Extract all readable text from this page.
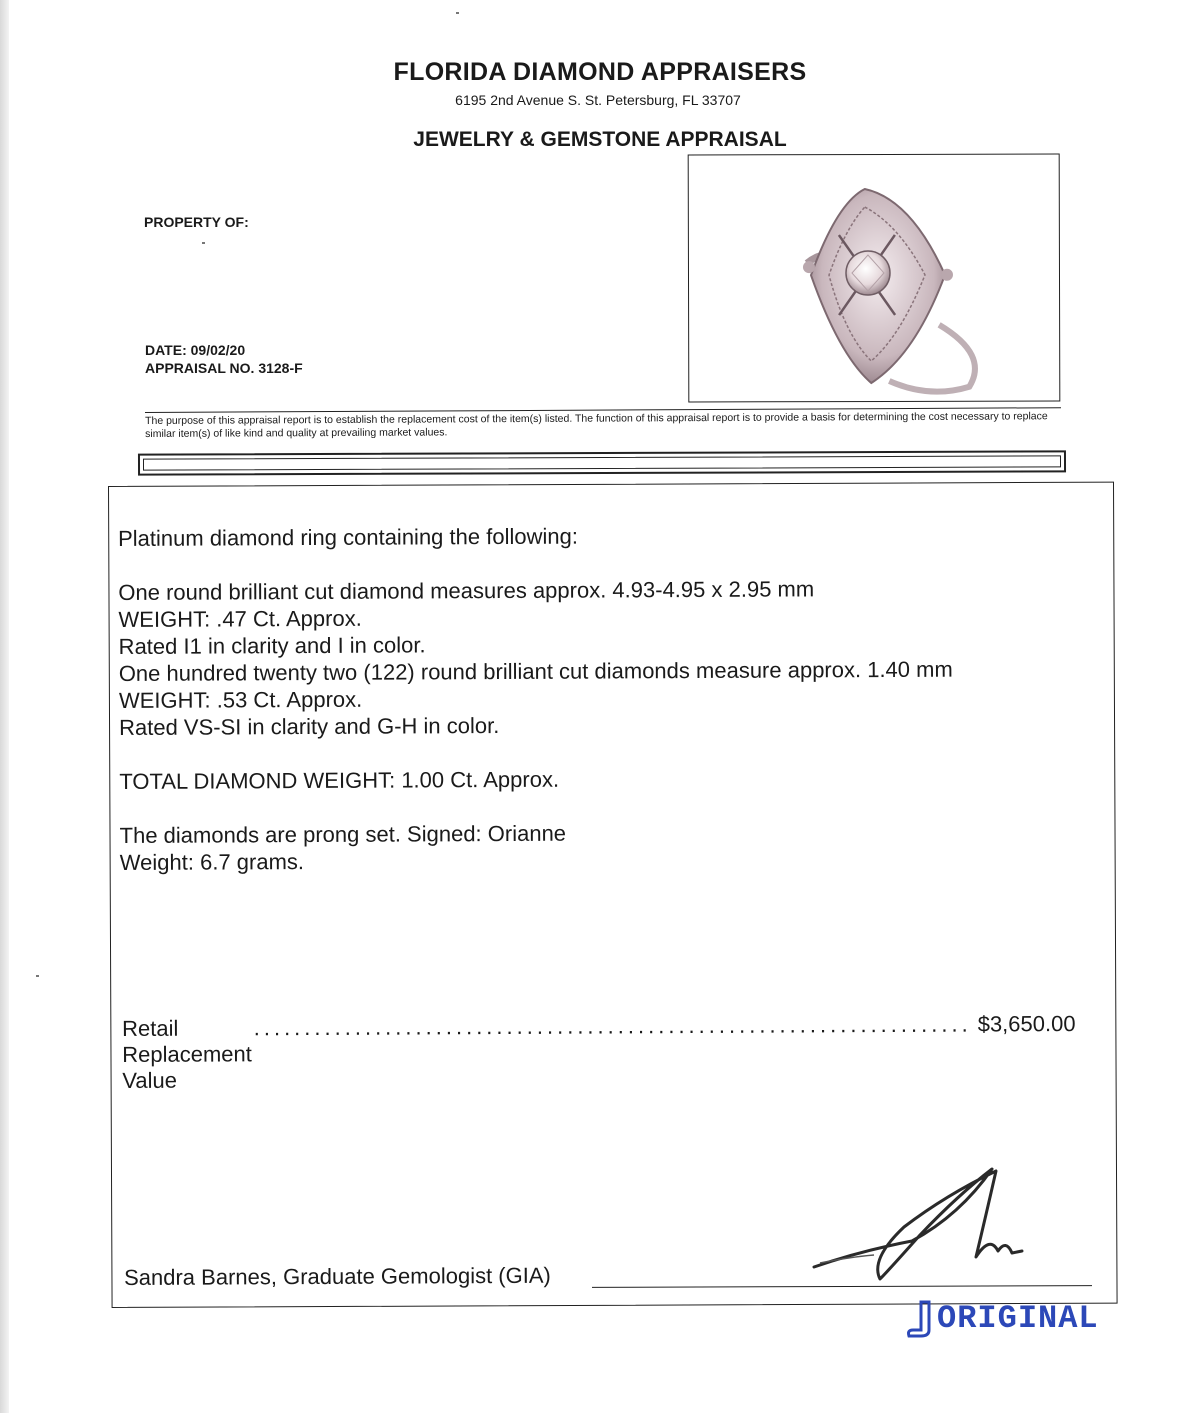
FLORIDA DIAMOND APPRAISERS
6195 2nd Avenue S. St. Petersburg, FL 33707
JEWELRY & GEMSTONE APPRAISAL
PROPERTY OF:
DATE: 09/02/20
APPRAISAL NO. 3128-F
The purpose of this appraisal report is to establish the replacement cost of the item(s) listed. The function of this appraisal report is to provide a basis for determining the cost necessary to replace similar item(s) of like kind and quality at prevailing market values.
Platinum diamond ring containing the following:
One round brilliant cut diamond measures approx. 4.93-4.95 x 2.95 mm
WEIGHT: .47 Ct. Approx.
Rated I1 in clarity and I in color.
One hundred twenty two (122) round brilliant cut diamonds measure approx. 1.40 mm
WEIGHT: .53 Ct. Approx.
Rated VS-SI in clarity and G-H in color.
TOTAL DIAMOND WEIGHT: 1.00 Ct. Approx.
The diamonds are prong set. Signed: Orianne
Weight: 6.7 grams.
Retail Replacement Value
....................................................................... $3,650.00
Sandra Barnes, Graduate Gemologist (GIA)
ORIGINAL
